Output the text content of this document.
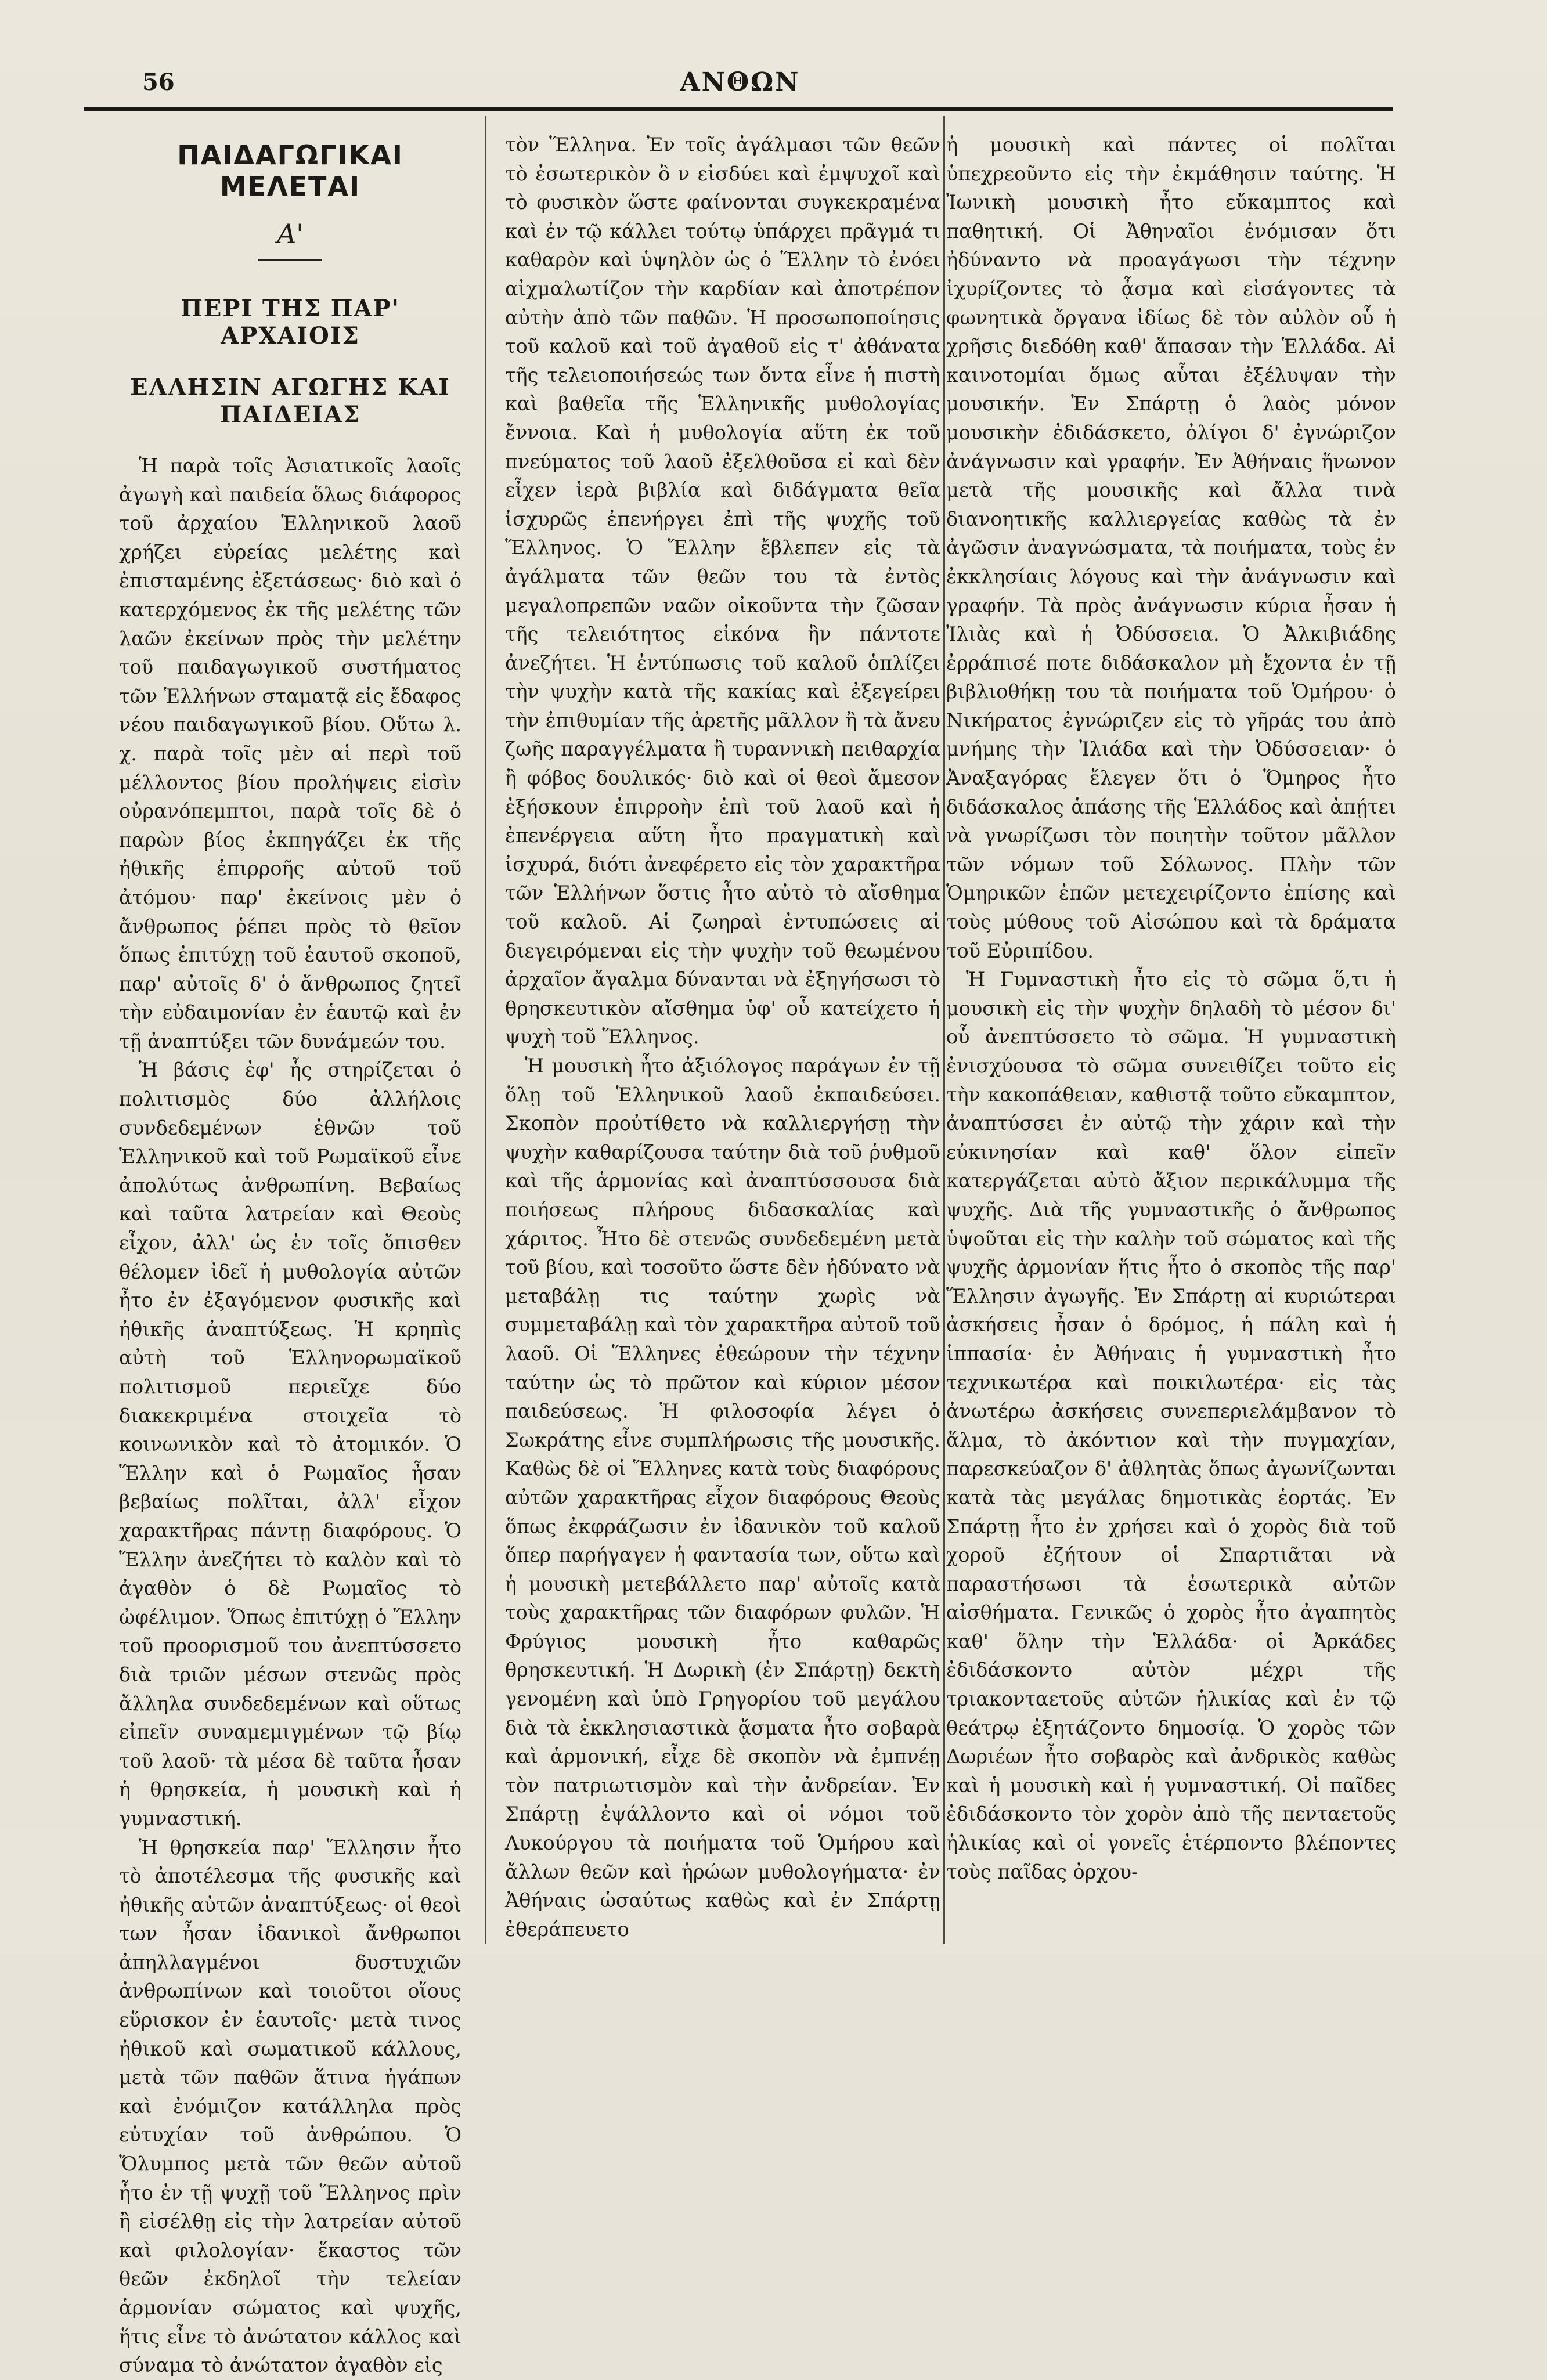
56	ΑΝΘΩΝ
ΠΑΙΔΑΓΩΓΙΚΑΙ ΜΕΛΕΤΑΙ
Α'
ΠΕΡΙ ΤΗΣ ΠΑΡ' ΑΡΧΑΙΟΙΣ
ΕΛΛΗΣΙΝ ΑΓΩΓΗΣ ΚΑΙ ΠΑΙΔΕΙΑΣ

Ἡ παρὰ τοῖς Ἀσιατικοῖς λαοῖς ἀγωγὴ καὶ παιδεία ὅλως διάφορος τοῦ ἀρχαίου Ἑλληνικοῦ λαοῦ χρήζει εὐρείας μελέτης καὶ ἐπισταμένης ἐξετάσεως· διὸ καὶ ὁ κατερχόμενος ἐκ τῆς μελέτης τῶν λαῶν ἐκείνων πρὸς τὴν μελέτην τοῦ παιδαγωγικοῦ συστήματος τῶν Ἑλλήνων σταματᾷ εἰς ἔδαφος νέου παιδαγωγικοῦ βίου. Οὕτω λ. χ. παρὰ τοῖς μὲν αἱ περὶ τοῦ μέλλοντος βίου προλήψεις εἰσὶν οὐρανόπεμπτοι, παρὰ τοῖς δὲ ὁ παρὼν βίος ἐκπηγάζει ἐκ τῆς ἠθικῆς ἐπιρροῆς αὐτοῦ τοῦ ἀτόμου· παρ' ἐκείνοις μὲν ὁ ἄνθρωπος ῥέπει πρὸς τὸ θεῖον ὅπως ἐπιτύχῃ τοῦ ἑαυτοῦ σκοποῦ, παρ' αὐτοῖς δ' ὁ ἄνθρωπος ζητεῖ τὴν εὐδαιμονίαν ἐν ἑαυτῷ καὶ ἐν τῇ ἀναπτύξει τῶν δυνάμεών του.

Ἡ βάσις ἐφ' ἧς στηρίζεται ὁ πολιτισμὸς δύο ἀλλήλοις συνδεδεμένων ἐθνῶν τοῦ Ἑλληνικοῦ καὶ τοῦ Ρωμαϊκοῦ εἶνε ἀπολύτως ἀνθρωπίνη. Βεβαίως καὶ ταῦτα λατρείαν καὶ Θεοὺς εἶχον, ἀλλ' ὡς ἐν τοῖς ὄπισθεν θέλομεν ἰδεῖ ἡ μυθολογία αὐτῶν ἦτο ἐν ἐξαγόμενον φυσικῆς καὶ ἠθικῆς ἀναπτύξεως. Ἡ κρηπὶς αὐτὴ τοῦ Ἑλληνορωμαϊκοῦ πολιτισμοῦ περιεῖχε δύο διακεκριμένα στοιχεῖα τὸ κοινωνικὸν καὶ τὸ ἀτομικόν. Ὁ Ἕλλην καὶ ὁ Ρωμαῖος ἦσαν βεβαίως πολῖται, ἀλλ' εἶχον χαρακτῆρας πάντῃ διαφόρους. Ὁ Ἕλλην ἀνεζήτει τὸ καλὸν καὶ τὸ ἀγαθὸν ὁ δὲ Ρωμαῖος τὸ ὠφέλιμον. Ὅπως ἐπιτύχῃ ὁ Ἕλλην τοῦ προορισμοῦ του ἀνεπτύσσετο διὰ τριῶν μέσων στενῶς πρὸς ἄλληλα συνδεδεμένων καὶ οὕτως εἰπεῖν συναμεμιγμένων τῷ βίῳ τοῦ λαοῦ· τὰ μέσα δὲ ταῦτα ἦσαν ἡ θρησκεία, ἡ μουσικὴ καὶ ἡ γυμναστική.

Ἡ θρησκεία παρ' Ἕλλησιν ἦτο τὸ ἀποτέλεσμα τῆς φυσικῆς καὶ ἠθικῆς αὐτῶν ἀναπτύξεως· οἱ θεοὶ των ἦσαν ἰδανικοὶ ἄνθρωποι ἀπηλλαγμένοι δυστυχιῶν ἀνθρωπίνων καὶ τοιοῦτοι οἵους εὕρισκον ἐν ἑαυτοῖς· μετὰ τινος ἠθικοῦ καὶ σωματικοῦ κάλλους, μετὰ τῶν παθῶν ἅτινα ἠγάπων καὶ ἐνόμιζον κατάλληλα πρὸς εὐτυχίαν τοῦ ἀνθρώπου. Ὁ Ὄλυμπος μετὰ τῶν θεῶν αὐτοῦ ἦτο ἐν τῇ ψυχῇ τοῦ Ἕλληνος πρὶν ἢ εἰσέλθῃ εἰς τὴν λατρείαν αὐτοῦ καὶ φιλολογίαν· ἕκαστος τῶν θεῶν ἐκδηλοῖ τὴν τελείαν ἁρμονίαν σώματος καὶ ψυχῆς, ἥτις εἶνε τὸ ἀνώτατον κάλλος καὶ σύναμα τὸ ἀνώτατον ἀγαθὸν εἰς

τὸν Ἕλληνα. Ἐν τοῖς ἀγάλμασι τῶν θεῶν τὸ ἐσωτερικὸν ὃ ν εἰσδύει καὶ ἐμψυχοῖ καὶ τὸ φυσικὸν ὥστε φαίνονται συγκεκραμένα καὶ ἐν τῷ κάλλει τούτῳ ὑπάρχει πρᾶγμά τι καθαρὸν καὶ ὑψηλὸν ὡς ὁ Ἕλλην τὸ ἐνόει αἰχμαλωτίζον τὴν καρδίαν καὶ ἀποτρέπον αὐτὴν ἀπὸ τῶν παθῶν. Ἡ προσωποποίησις τοῦ καλοῦ καὶ τοῦ ἀγαθοῦ εἰς τ' ἀθάνατα τῆς τελειοποιήσεώς των ὄντα εἶνε ἡ πιστὴ καὶ βαθεῖα τῆς Ἑλληνικῆς μυθολογίας ἔννοια. Καὶ ἡ μυθολογία αὕτη ἐκ τοῦ πνεύματος τοῦ λαοῦ ἐξελθοῦσα εἰ καὶ δὲν εἶχεν ἱερὰ βιβλία καὶ διδάγματα θεῖα ἰσχυρῶς ἐπενήργει ἐπὶ τῆς ψυχῆς τοῦ Ἕλληνος. Ὁ Ἕλλην ἔβλεπεν εἰς τὰ ἀγάλματα τῶν θεῶν του τὰ ἐντὸς μεγαλοπρεπῶν ναῶν οἰκοῦντα τὴν ζῶσαν τῆς τελειότητος εἰκόνα ἣν πάντοτε ἀνεζήτει. Ἡ ἐντύπωσις τοῦ καλοῦ ὁπλίζει τὴν ψυχὴν κατὰ τῆς κακίας καὶ ἐξεγείρει τὴν ἐπιθυμίαν τῆς ἀρετῆς μᾶλλον ἢ τὰ ἄνευ ζωῆς παραγγέλματα ἢ τυραννικὴ πειθαρχία ἢ φόβος δουλικός· διὸ καὶ οἱ θεοὶ ἄμεσον ἐξήσκουν ἐπιρροὴν ἐπὶ τοῦ λαοῦ καὶ ἡ ἐπενέργεια αὕτη ἦτο πραγματικὴ καὶ ἰσχυρά, διότι ἀνεφέρετο εἰς τὸν χαρακτῆρα τῶν Ἑλλήνων ὅστις ἦτο αὐτὸ τὸ αἴσθημα τοῦ καλοῦ. Αἱ ζωηραὶ ἐντυπώσεις αἱ διεγειρόμεναι εἰς τὴν ψυχὴν τοῦ θεωμένου ἀρχαῖον ἄγαλμα δύνανται νὰ ἐξηγήσωσι τὸ θρησκευτικὸν αἴσθημα ὑφ' οὗ κατείχετο ἡ ψυχὴ τοῦ Ἕλληνος.

Ἡ μουσικὴ ἦτο ἀξιόλογος παράγων ἐν τῇ ὅλῃ τοῦ Ἑλληνικοῦ λαοῦ ἐκπαιδεύσει. Σκοπὸν προὐτίθετο νὰ καλλιεργήσῃ τὴν ψυχὴν καθαρίζουσα ταύτην διὰ τοῦ ῥυθμοῦ καὶ τῆς ἁρμονίας καὶ ἀναπτύσσουσα διὰ ποιήσεως πλήρους διδασκαλίας καὶ χάριτος. Ἦτο δὲ στενῶς συνδεδεμένη μετὰ τοῦ βίου, καὶ τοσοῦτο ὥστε δὲν ἠδύνατο νὰ μεταβάλῃ τις ταύτην χωρὶς νὰ συμμεταβάλῃ καὶ τὸν χαρακτῆρα αὐτοῦ τοῦ λαοῦ. Οἱ Ἕλληνες ἐθεώρουν τὴν τέχνην ταύτην ὡς τὸ πρῶτον καὶ κύριον μέσον παιδεύσεως. Ἡ φιλοσοφία λέγει ὁ Σωκράτης εἶνε συμπλήρωσις τῆς μουσικῆς. Καθὼς δὲ οἱ Ἕλληνες κατὰ τοὺς διαφόρους αὐτῶν χαρακτῆρας εἶχον διαφόρους Θεοὺς ὅπως ἐκφράζωσιν ἐν ἰδανικὸν τοῦ καλοῦ ὅπερ παρήγαγεν ἡ φαντασία των, οὕτω καὶ ἡ μουσικὴ μετεβάλλετο παρ' αὐτοῖς κατὰ τοὺς χαρακτῆρας τῶν διαφόρων φυλῶν. Ἡ Φρύγιος μουσικὴ ἦτο καθαρῶς θρησκευτική. Ἡ Δωρικὴ (ἐν Σπάρτῃ) δεκτὴ γενομένη καὶ ὑπὸ Γρηγορίου τοῦ μεγάλου διὰ τὰ ἐκκλησιαστικὰ ᾄσματα ἦτο σοβαρὰ καὶ ἁρμονική, εἶχε δὲ σκοπὸν νὰ ἐμπνέῃ τὸν πατριωτισμὸν καὶ τὴν ἀνδρείαν. Ἐν Σπάρτῃ ἐψάλλοντο καὶ οἱ νόμοι τοῦ Λυκούργου τὰ ποιήματα τοῦ Ὁμήρου καὶ ἄλλων θεῶν καὶ ἡρώων μυθολογήματα· ἐν Ἀθήναις ὡσαύτως καθὼς καὶ ἐν Σπάρτῃ ἐθεράπευετο

ἡ μουσικὴ καὶ πάντες οἱ πολῖται ὑπεχρεοῦντο εἰς τὴν ἐκμάθησιν ταύτης. Ἡ Ἰωνικὴ μουσικὴ ἦτο εὔκαμπτος καὶ παθητική. Οἱ Ἀθηναῖοι ἐνόμισαν ὅτι ἠδύναντο νὰ προαγάγωσι τὴν τέχνην ἰχυρίζοντες τὸ ᾆσμα καὶ εἰσάγοντες τὰ φωνητικὰ ὄργανα ἰδίως δὲ τὸν αὐλὸν οὗ ἡ χρῆσις διεδόθη καθ' ἅπασαν τὴν Ἑλλάδα. Αἱ καινοτομίαι ὅμως αὗται ἐξέλυψαν τὴν μουσικήν. Ἐν Σπάρτῃ ὁ λαὸς μόνον μουσικὴν ἐδιδάσκετο, ὀλίγοι δ' ἐγνώριζον ἀνάγνωσιν καὶ γραφήν. Ἐν Ἀθήναις ἥνωνον μετὰ τῆς μουσικῆς καὶ ἄλλα τινὰ διανοητικῆς καλλιεργείας καθὼς τὰ ἐν ἀγῶσιν ἀναγνώσματα, τὰ ποιήματα, τοὺς ἐν ἐκκλησίαις λόγους καὶ τὴν ἀνάγνωσιν καὶ γραφήν. Τὰ πρὸς ἀνάγνωσιν κύρια ἦσαν ἡ Ἰλιὰς καὶ ἡ Ὀδύσσεια. Ὁ Ἀλκιβιάδης ἐρράπισέ ποτε διδάσκαλον μὴ ἔχοντα ἐν τῇ βιβλιοθήκῃ του τὰ ποιήματα τοῦ Ὁμήρου· ὁ Νικήρατος ἐγνώριζεν εἰς τὸ γῆράς του ἀπὸ μνήμης τὴν Ἰλιάδα καὶ τὴν Ὀδύσσειαν· ὁ Ἀναξαγόρας ἔλεγεν ὅτι ὁ Ὅμηρος ἦτο διδάσκαλος ἁπάσης τῆς Ἑλλάδος καὶ ἀπῄτει νὰ γνωρίζωσι τὸν ποιητὴν τοῦτον μᾶλλον τῶν νόμων τοῦ Σόλωνος. Πλὴν τῶν Ὁμηρικῶν ἐπῶν μετεχειρίζοντο ἐπίσης καὶ τοὺς μύθους τοῦ Αἰσώπου καὶ τὰ δράματα τοῦ Εὐριπίδου.

Ἡ Γυμναστικὴ ἦτο εἰς τὸ σῶμα ὅ,τι ἡ μουσικὴ εἰς τὴν ψυχὴν δηλαδὴ τὸ μέσον δι' οὗ ἀνεπτύσσετο τὸ σῶμα. Ἡ γυμναστικὴ ἐνισχύουσα τὸ σῶμα συνειθίζει τοῦτο εἰς τὴν κακοπάθειαν, καθιστᾷ τοῦτο εὔκαμπτον, ἀναπτύσσει ἐν αὐτῷ τὴν χάριν καὶ τὴν εὐκινησίαν καὶ καθ' ὅλον εἰπεῖν κατεργάζεται αὐτὸ ἄξιον περικάλυμμα τῆς ψυχῆς. Διὰ τῆς γυμναστικῆς ὁ ἄνθρωπος ὑψοῦται εἰς τὴν καλὴν τοῦ σώματος καὶ τῆς ψυχῆς ἁρμονίαν ἥτις ἦτο ὁ σκοπὸς τῆς παρ' Ἕλλησιν ἀγωγῆς. Ἐν Σπάρτῃ αἱ κυριώτεραι ἀσκήσεις ἦσαν ὁ δρόμος, ἡ πάλη καὶ ἡ ἱππασία· ἐν Ἀθήναις ἡ γυμναστικὴ ἦτο τεχνικωτέρα καὶ ποικιλωτέρα· εἰς τὰς ἀνωτέρω ἀσκήσεις συνεπεριελάμβανον τὸ ἅλμα, τὸ ἀκόντιον καὶ τὴν πυγμαχίαν, παρεσκεύαζον δ' ἀθλητὰς ὅπως ἀγωνίζωνται κατὰ τὰς μεγάλας δημοτικὰς ἑορτάς. Ἐν Σπάρτῃ ἦτο ἐν χρήσει καὶ ὁ χορὸς διὰ τοῦ χοροῦ ἐζήτουν οἱ Σπαρτιᾶται νὰ παραστήσωσι τὰ ἐσωτερικὰ αὐτῶν αἰσθήματα. Γενικῶς ὁ χορὸς ἦτο ἀγαπητὸς καθ' ὅλην τὴν Ἑλλάδα· οἱ Ἀρκάδες ἐδιδάσκοντο αὐτὸν μέχρι τῆς τριακονταετοῦς αὐτῶν ἡλικίας καὶ ἐν τῷ θεάτρῳ ἐξητάζοντο δημοσίᾳ. Ὁ χορὸς τῶν Δωριέων ἦτο σοβαρὸς καὶ ἀνδρικὸς καθὼς καὶ ἡ μουσικὴ καὶ ἡ γυμναστική. Οἱ παῖδες ἐδιδάσκοντο τὸν χορὸν ἀπὸ τῆς πενταετοῦς ἡλικίας καὶ οἱ γονεῖς ἐτέρποντο βλέποντες τοὺς παῖδας ὀρχου-
